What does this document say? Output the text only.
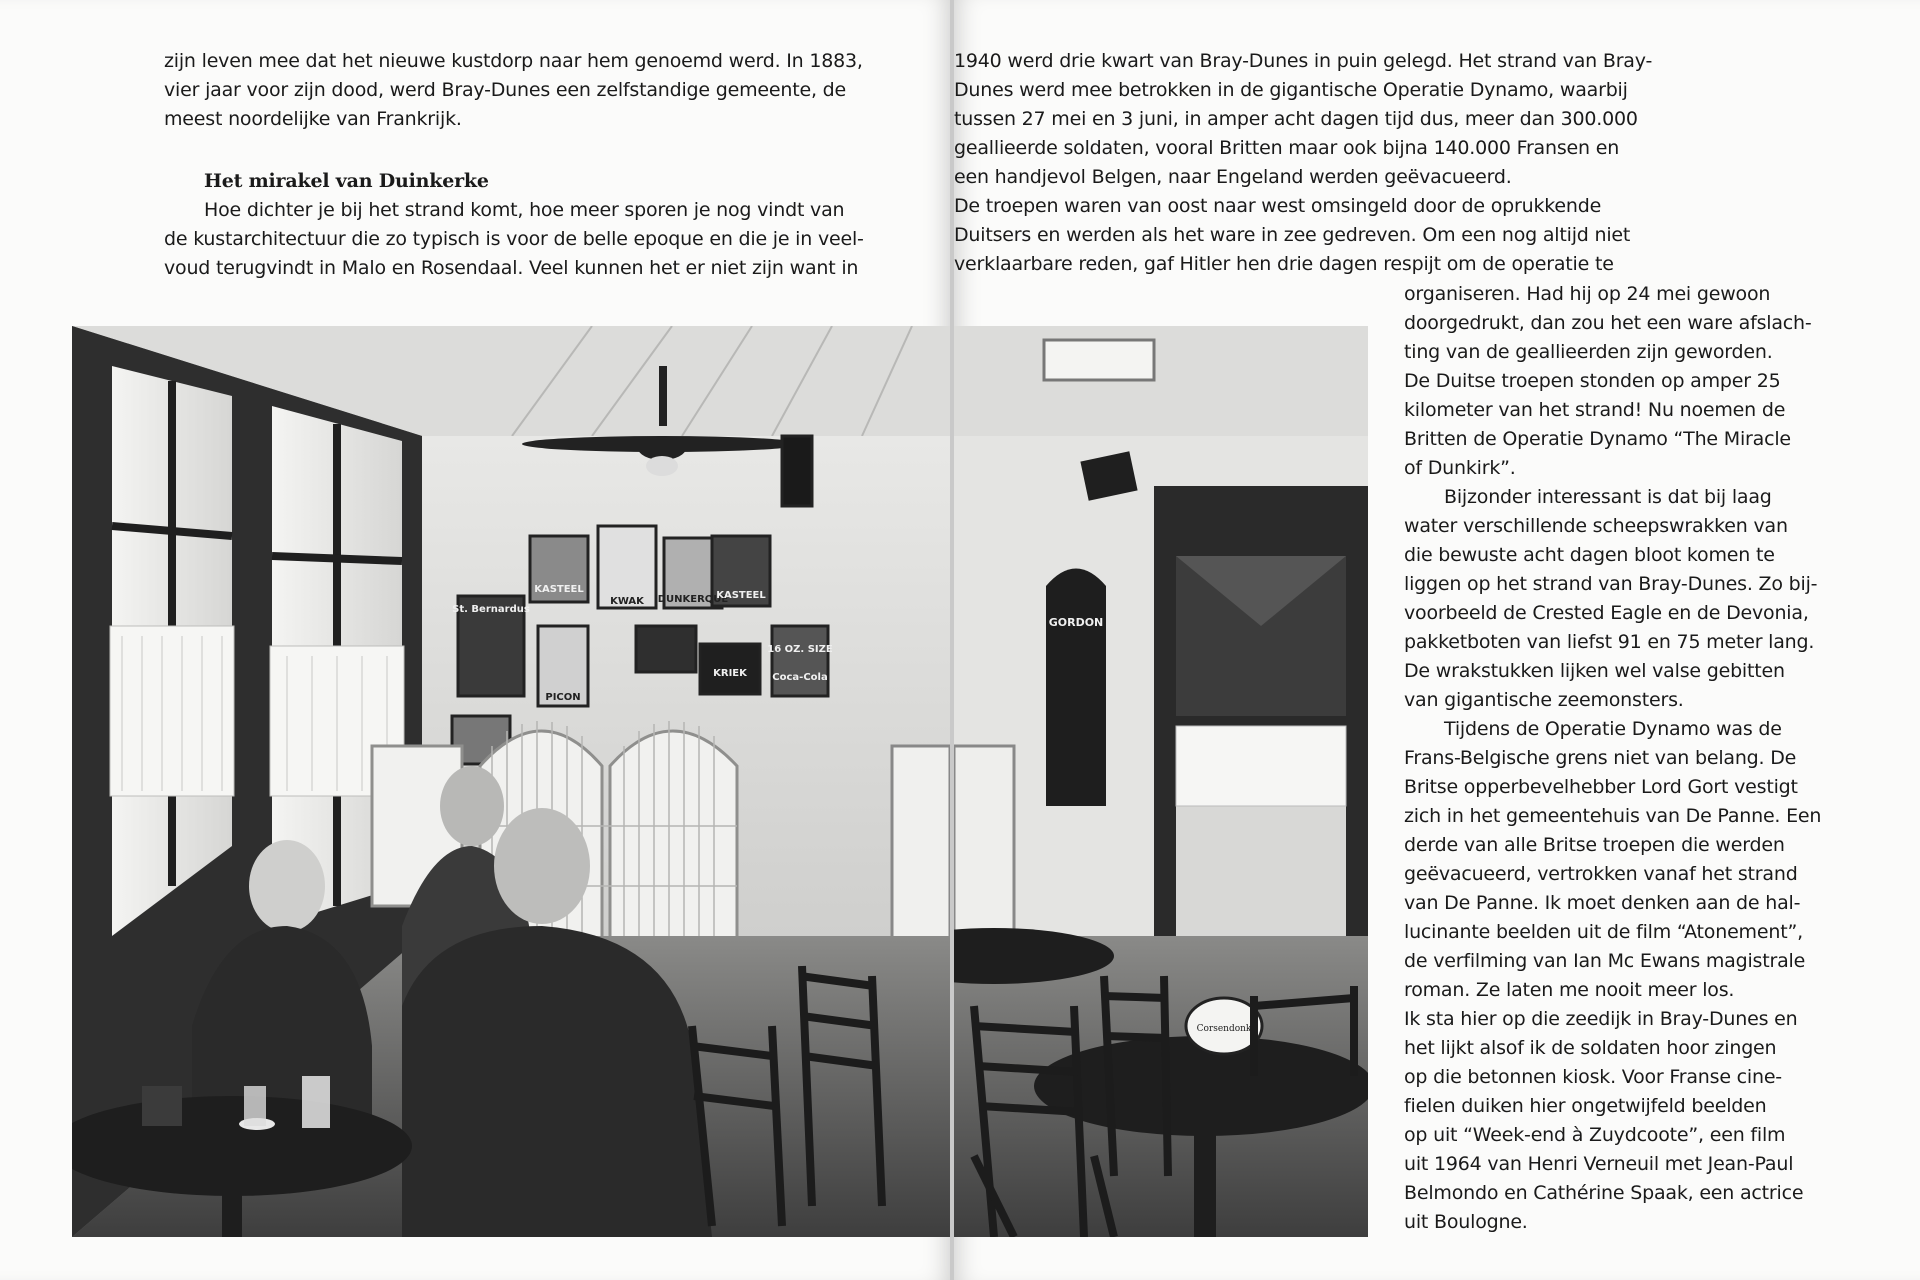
zijn leven mee dat het nieuwe kustdorp naar hem genoemd werd. In 1883,
vier jaar voor zijn dood, werd Bray-Dunes een zelfstandige gemeente, de
meest noordelijke van Frankrijk.
Het mirakel van Duinkerke
Hoe dichter je bij het strand komt, hoe meer sporen je nog vindt van
de kustarchitectuur die zo typisch is voor de belle epoque en die je in veel-
voud terugvindt in Malo en Rosendaal. Veel kunnen het er niet zijn want in
1940 werd drie kwart van Bray-Dunes in puin gelegd. Het strand van Bray-
Dunes werd mee betrokken in de gigantische Operatie Dynamo, waarbij
tussen 27 mei en 3 juni, in amper acht dagen tijd dus, meer dan 300.000
geallieerde soldaten, vooral Britten maar ook bijna 140.000 Fransen en
een handjevol Belgen, naar Engeland werden geëvacueerd.
De troepen waren van oost naar west omsingeld door de oprukkende
Duitsers en werden als het ware in zee gedreven. Om een nog altijd niet
verklaarbare reden, gaf Hitler hen drie dagen respijt om de operatie te
organiseren. Had hij op 24 mei gewoon
doorgedrukt, dan zou het een ware afslach-
ting van de geallieerden zijn geworden.
De Duitse troepen stonden op amper 25
kilometer van het strand! Nu noemen de
Britten de Operatie Dynamo “The Miracle
of Dunkirk”.
Bijzonder interessant is dat bij laag
water verschillende scheepswrakken van
die bewuste acht dagen bloot komen te
liggen op het strand van Bray-Dunes. Zo bij-
voorbeeld de Crested Eagle en de Devonia,
pakketboten van liefst 91 en 75 meter lang.
De wrakstukken lijken wel valse gebitten
van gigantische zeemonsters.
Tijdens de Operatie Dynamo was de
Frans-Belgische grens niet van belang. De
Britse opperbevelhebber Lord Gort vestigt
zich in het gemeentehuis van De Panne. Een
derde van alle Britse troepen die werden
geëvacueerd, vertrokken vanaf het strand
van De Panne. Ik moet denken aan de hal-
lucinante beelden uit de film “Atonement”,
de verfilming van Ian Mc Ewans magistrale
roman. Ze laten me nooit meer los.
Ik sta hier op die zeedijk in Bray-Dunes en
het lijkt alsof ik de soldaten hoor zingen
op die betonnen kiosk. Voor Franse cine-
fielen duiken hier ongetwijfeld beelden
op uit “Week-end à Zuydcoote”, een film
uit 1964 van Henri Verneuil met Jean-Paul
Belmondo en Cathérine Spaak, een actrice
uit Boulogne.
St. Bernardus
KASTEEL
KWAK DUNKERQUE
KASTEEL
PICON
KRIEK
16 OZ. SIZE
Coca-Cola
GORDON
Corsendonk
